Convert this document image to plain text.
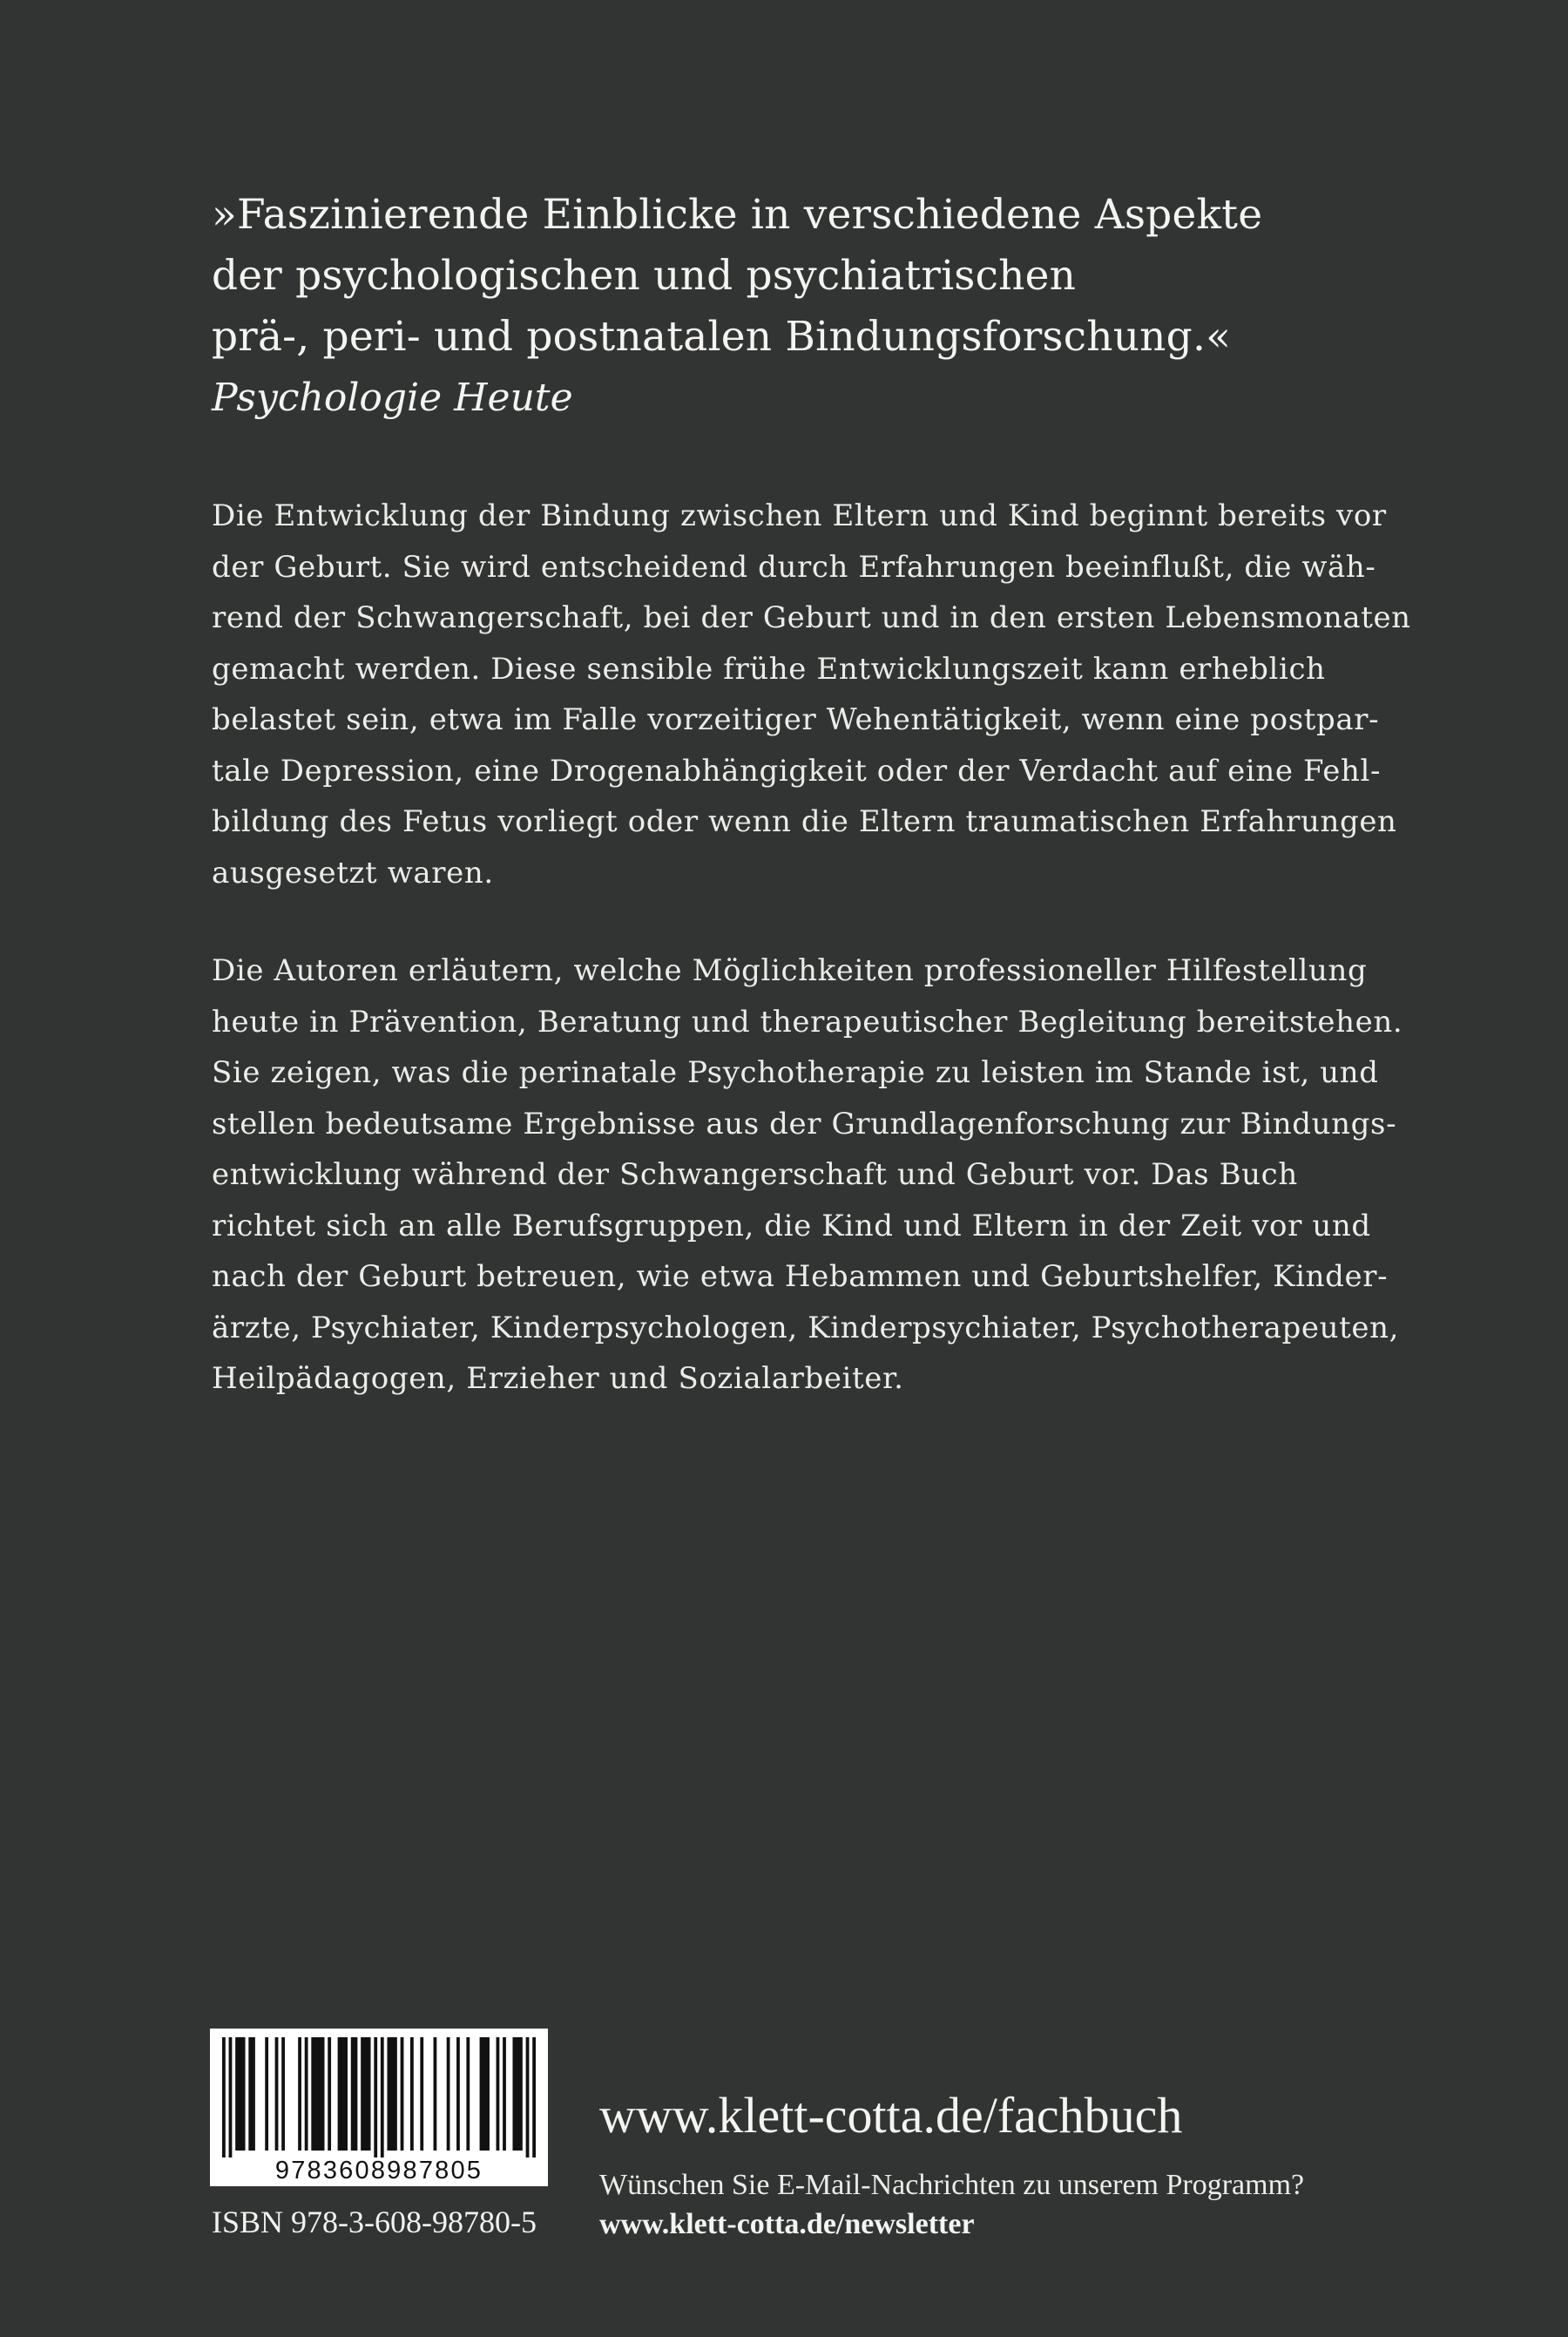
»Faszinierende Einblicke in verschiedene Aspekte
der psychologischen und psychiatrischen
prä-, peri- und postnatalen Bindungsforschung.«
Psychologie Heute
Die Entwicklung der Bindung zwischen Eltern und Kind beginnt bereits vor
der Geburt. Sie wird entscheidend durch Erfahrungen beeinflußt, die wäh-
rend der Schwangerschaft, bei der Geburt und in den ersten Lebensmonaten
gemacht werden. Diese sensible frühe Entwicklungszeit kann erheblich
belastet sein, etwa im Falle vorzeitiger Wehentätigkeit, wenn eine postpar-
tale Depression, eine Drogenabhängigkeit oder der Verdacht auf eine Fehl-
bildung des Fetus vorliegt oder wenn die Eltern traumatischen Erfahrungen
ausgesetzt waren.
Die Autoren erläutern, welche Möglichkeiten professioneller Hilfestellung
heute in Prävention, Beratung und therapeutischer Begleitung bereitstehen.
Sie zeigen, was die perinatale Psychotherapie zu leisten im Stande ist, und
stellen bedeutsame Ergebnisse aus der Grundlagenforschung zur Bindungs-
entwicklung während der Schwangerschaft und Geburt vor. Das Buch
richtet sich an alle Berufsgruppen, die Kind und Eltern in der Zeit vor und
nach der Geburt betreuen, wie etwa Hebammen und Geburtshelfer, Kinder-
ärzte, Psychiater, Kinderpsychologen, Kinderpsychiater, Psychotherapeuten,
Heilpädagogen, Erzieher und Sozialarbeiter.
9783608987805
ISBN 978-3-608-98780-5
www.klett-cotta.de/fachbuch
Wünschen Sie E-Mail-Nachrichten zu unserem Programm?
www.klett-cotta.de/newsletter
